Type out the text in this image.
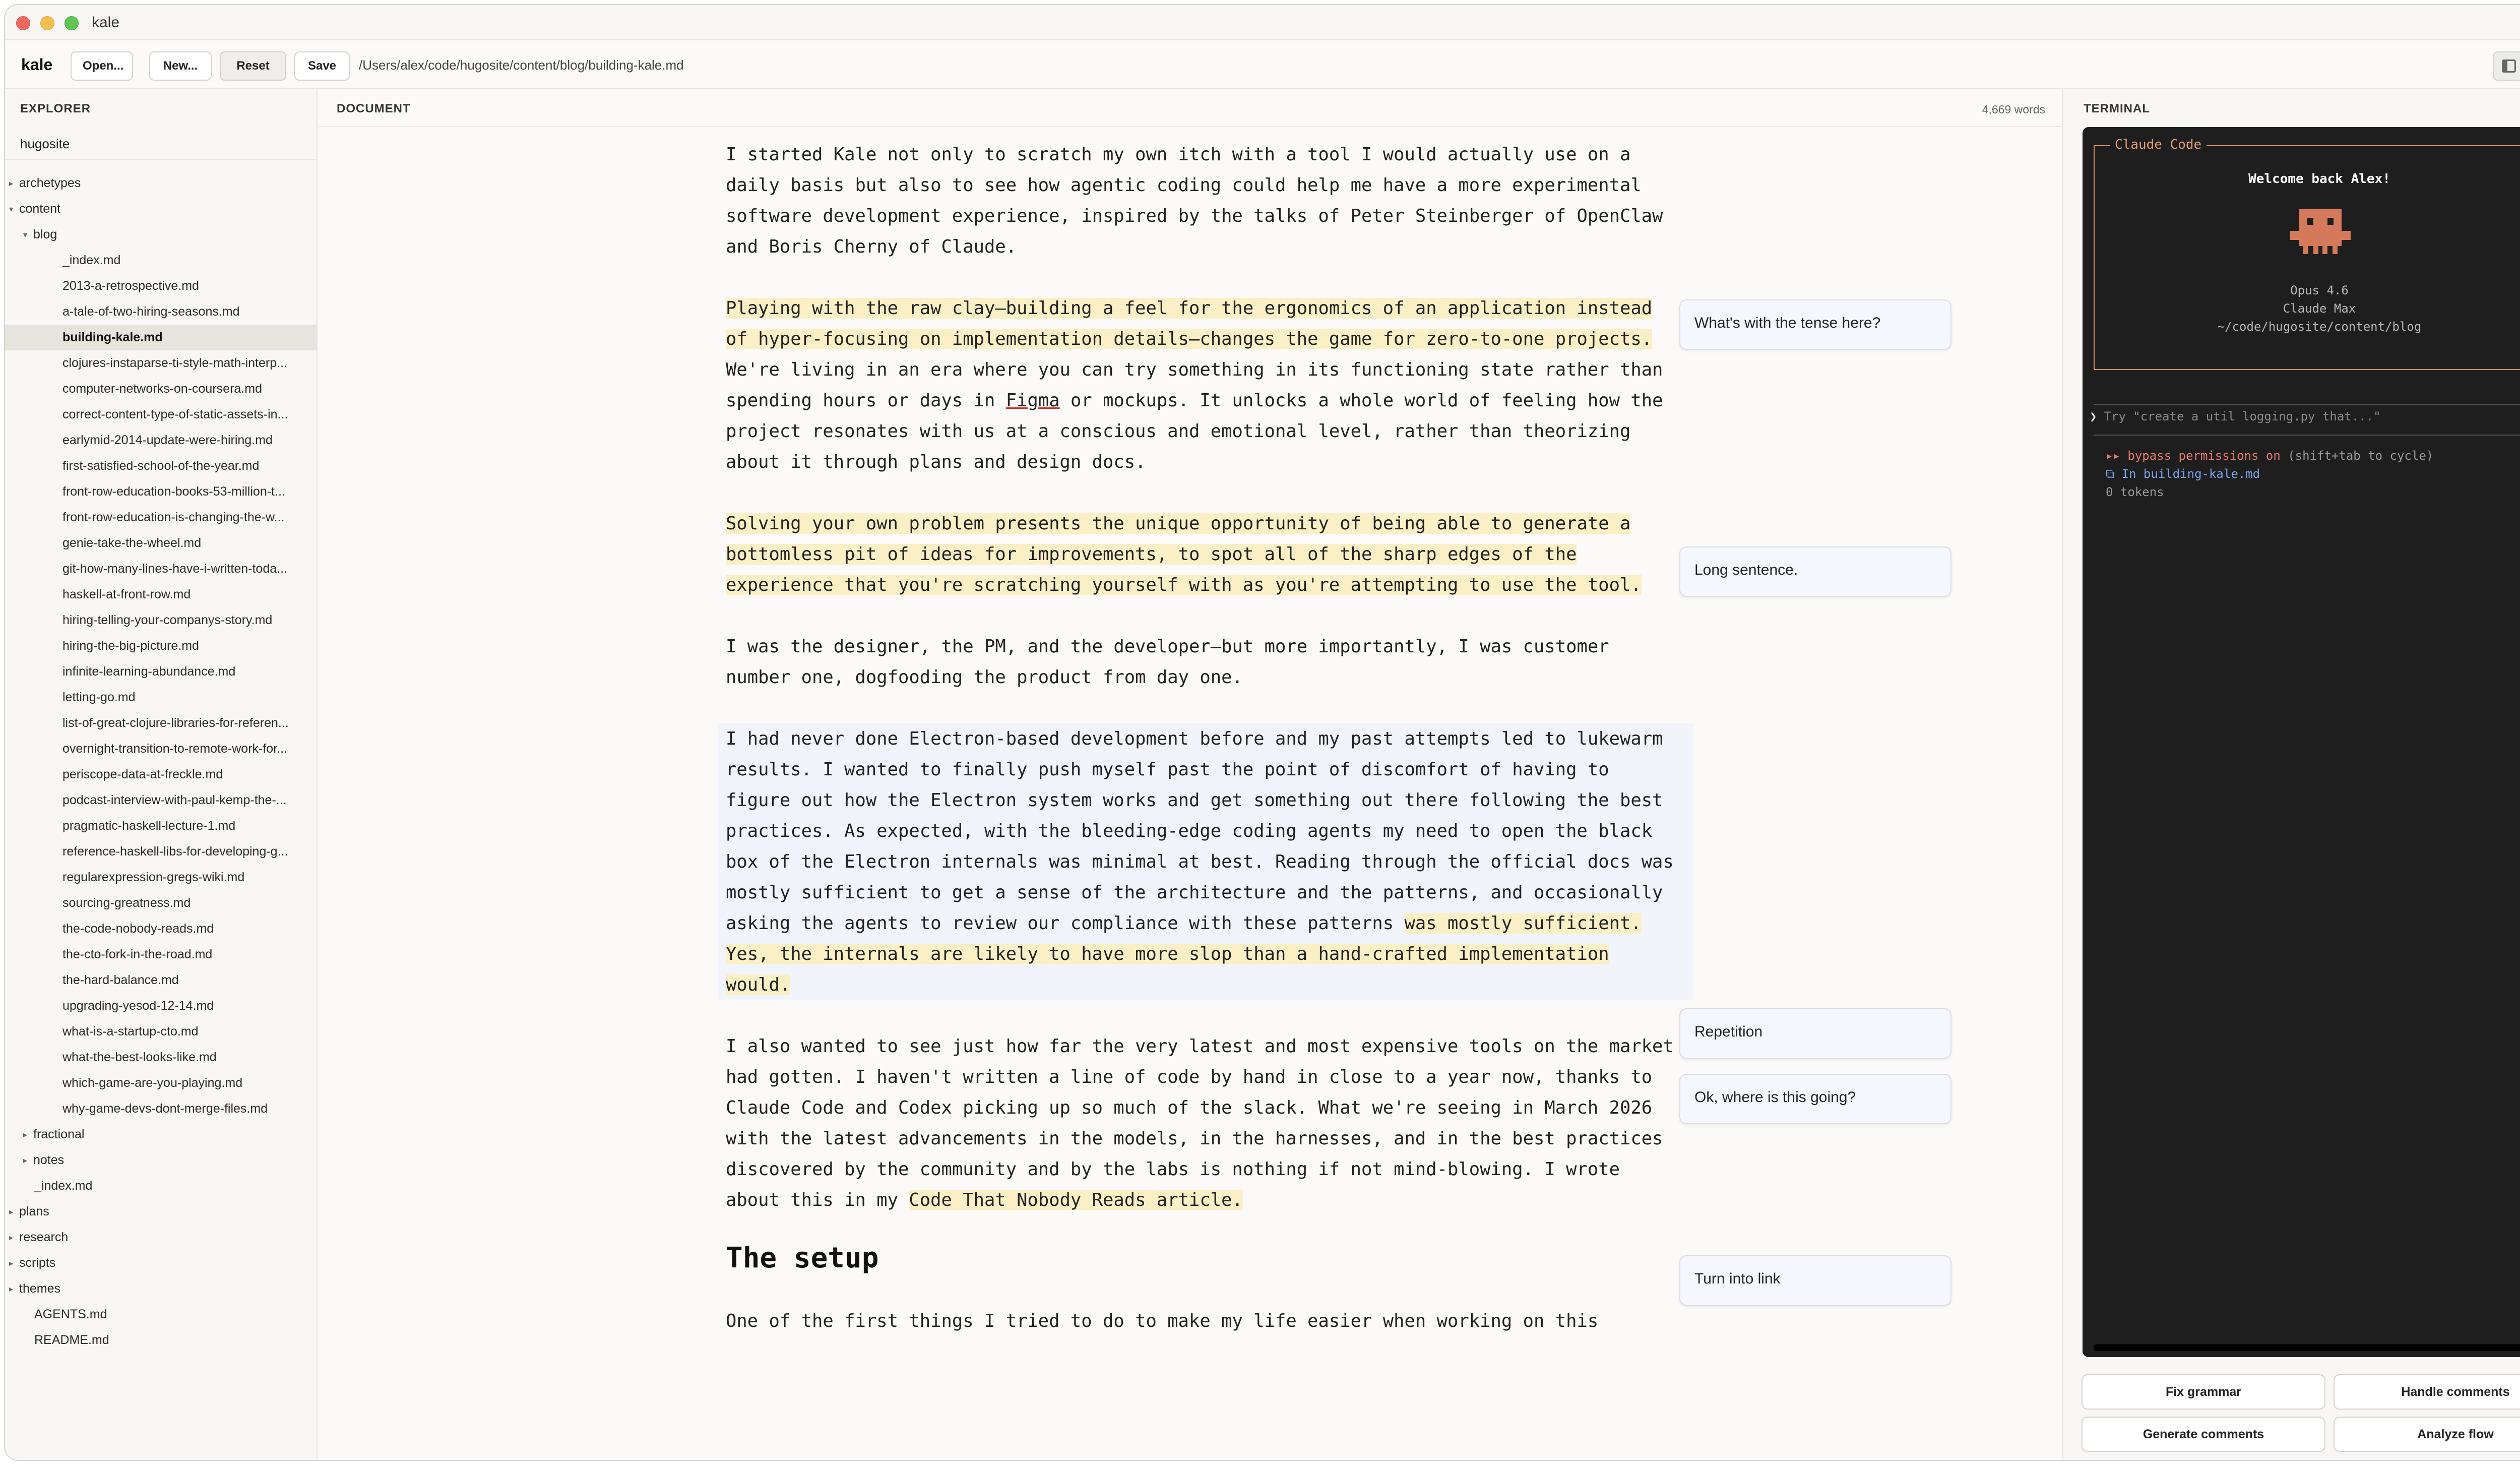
kale
kale	Open...	New...	Reset	Save	/Users/alex/code/hugosite/content/blog/building-kale.md
EXPLORER
hugosite
▸ archetypes
▾ content
▾ blog
_index.md
2013-a-retrospective.md
a-tale-of-two-hiring-seasons.md
building-kale.md
clojures-instaparse-ti-style-math-interp...
computer-networks-on-coursera.md
correct-content-type-of-static-assets-in...
earlymid-2014-update-were-hiring.md
first-satisfied-school-of-the-year.md
front-row-education-books-53-million-t...
front-row-education-is-changing-the-w...
genie-take-the-wheel.md
git-how-many-lines-have-i-written-toda...
haskell-at-front-row.md
hiring-telling-your-companys-story.md
hiring-the-big-picture.md
infinite-learning-abundance.md
letting-go.md
list-of-great-clojure-libraries-for-referen...
overnight-transition-to-remote-work-for...
periscope-data-at-freckle.md
podcast-interview-with-paul-kemp-the-...
pragmatic-haskell-lecture-1.md
reference-haskell-libs-for-developing-g...
regularexpression-gregs-wiki.md
sourcing-greatness.md
the-code-nobody-reads.md
the-cto-fork-in-the-road.md
the-hard-balance.md
upgrading-yesod-12-14.md
what-is-a-startup-cto.md
what-the-best-looks-like.md
which-game-are-you-playing.md
why-game-devs-dont-merge-files.md
▸ fractional
▸ notes
_index.md
▸ plans
▸ research
▸ scripts
▸ themes
AGENTS.md
README.md
DOCUMENT	4,669 words
I started Kale not only to scratch my own itch with a tool I would actually use on a daily basis but also to see how agentic coding could help me have a more experimental software development experience, inspired by the talks of Peter Steinberger of OpenClaw and Boris Cherny of Claude.
Playing with the raw clay—building a feel for the ergonomics of an application instead of hyper-focusing on implementation details—changes the game for zero-to-one projects. We're living in an era where you can try something in its functioning state rather than spending hours or days in Figma or mockups. It unlocks a whole world of feeling how the project resonates with us at a conscious and emotional level, rather than theorizing about it through plans and design docs.
Solving your own problem presents the unique opportunity of being able to generate a bottomless pit of ideas for improvements, to spot all of the sharp edges of the experience that you're scratching yourself with as you're attempting to use the tool.
I was the designer, the PM, and the developer—but more importantly, I was customer number one, dogfooding the product from day one.
I had never done Electron-based development before and my past attempts led to lukewarm results. I wanted to finally push myself past the point of discomfort of having to figure out how the Electron system works and get something out there following the best practices. As expected, with the bleeding-edge coding agents my need to open the black box of the Electron internals was minimal at best. Reading through the official docs was mostly sufficient to get a sense of the architecture and the patterns, and occasionally asking the agents to review our compliance with these patterns was mostly sufficient. Yes, the internals are likely to have more slop than a hand-crafted implementation would.
I also wanted to see just how far the very latest and most expensive tools on the market had gotten. I haven't written a line of code by hand in close to a year now, thanks to Claude Code and Codex picking up so much of the slack. What we're seeing in March 2026 with the latest advancements in the models, in the harnesses, and in the best practices discovered by the community and by the labs is nothing if not mind-blowing. I wrote about this in my Code That Nobody Reads article.
The setup
One of the first things I tried to do to make my life easier when working on this
What's with the tense here?
Long sentence.
Repetition
Ok, where is this going?
Turn into link
TERMINAL
Claude Code
Welcome back Alex!
Opus 4.6
Claude Max
~/code/hugosite/content/blog
❯ Try "create a util logging.py that..."
▸▸ bypass permissions on (shift+tab to cycle)
⧉ In building-kale.md
0 tokens
Fix grammar	Handle comments
Generate comments	Analyze flow
